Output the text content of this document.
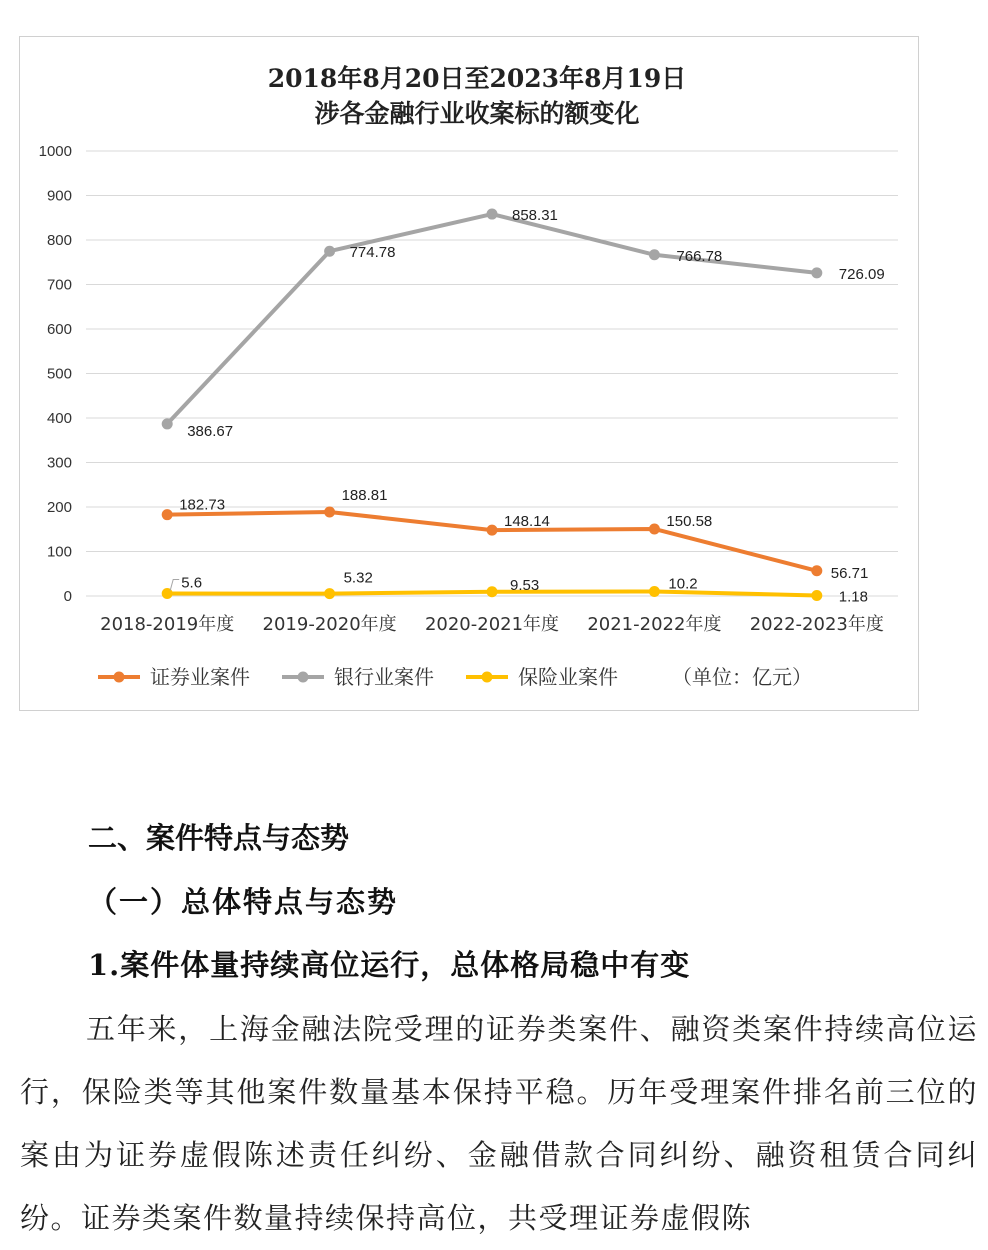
2018年8月20日至2023年8月19日
涉各金融行业收案标的额变化
0
100
200
300
400
500
600
700
800
900
1000
2018-2019年度 2019-2020年度 2020-2021年度 2021-2022年度 2022-2023年度
182.73
188.81
148.14	150.58
56.71
386.67
774.78
858.31
766.78
726.09
5.6	5.32	9.53	10.2
1.18
证券业案件	银行业案件	保险业案件	（单位：亿元）
二、案件特点与态势
（一）总体特点与态势
1.案件体量持续高位运行，总体格局稳中有变
五年来，上海金融法院受理的证券类案件、融资类案件持续高位运行，保险类等其他案件数量基本保持平稳。历年受理案件排名前三位的案由为证券虚假陈述责任纠纷、金融借款合同纠纷、融资租赁合同纠纷。证券类案件数量持续保持高位，共受理证券虚假陈
